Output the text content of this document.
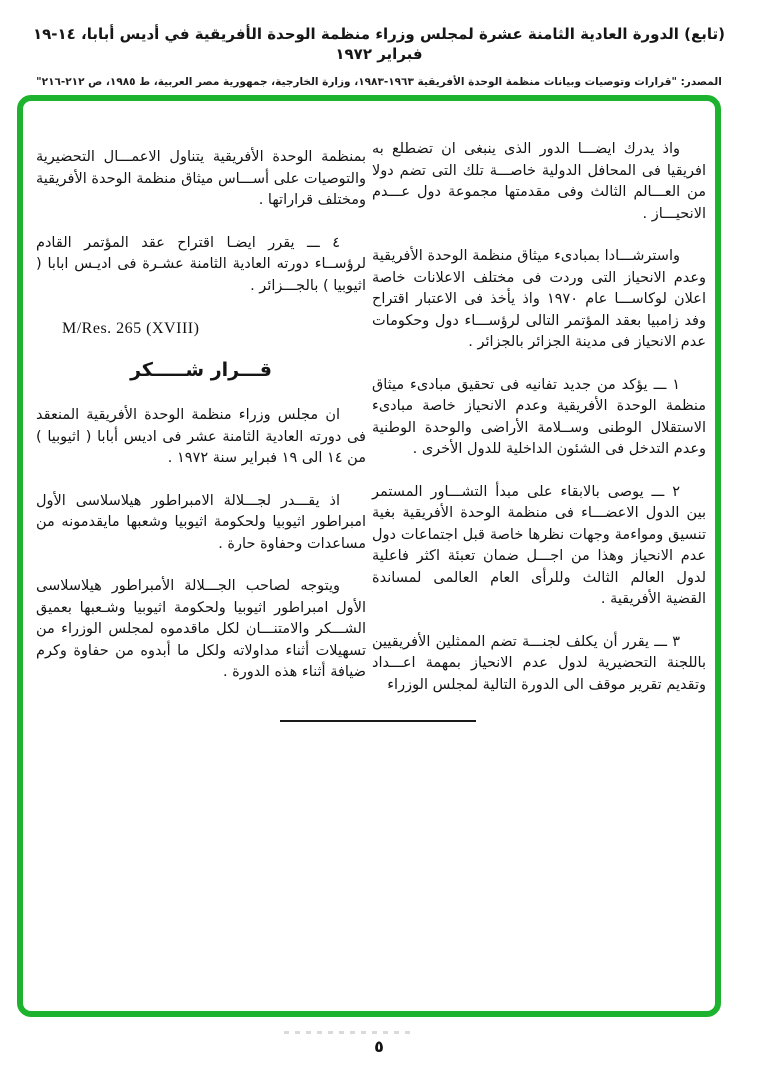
(تابع) الدورة العادية الثامنة عشرة لمجلس وزراء منظمة الوحدة الأفريقية في أديس أبابا، ١٤-١٩ فبراير ١٩٧٢
المصدر: "قرارات وتوصيات وبيانات منظمة الوحدة الأفريقية ١٩٦٣-١٩٨٣، وزارة الخارجية، جمهورية مصر العربية، ط ١٩٨٥، ص ٢١٢-٢١٦"

واذ يدرك ايضـــا الدور الذى ينبغى ان تضطلع به افريقيا فى المحافل الدولية خاصـــة تلك التى تضم دولا من العـــالم الثالث وفى مقدمتها مجموعة دول عـــدم الانحيـــاز .

واسترشـــادا بمبادىء ميثاق منظمة الوحدة الأفريقية وعدم الانحياز التى وردت فى مختلف الاعلانات خاصة اعلان لوكاســـا عام ١٩٧٠ واذ يأخذ فى الاعتبار اقتراح وفد زامبيا بعقد المؤتمر التالى لرؤســـاء دول وحكومات عدم الانحياز فى مدينة الجزائر بالجزائر .

١ ـــ يؤكد من جديد تفانيه فى تحقيق مبادىء ميثاق منظمة الوحدة الأفريقية وعدم الانحياز خاصة مبادىء الاستقلال الوطنى وســلامة الأراضى والوحدة الوطنية وعدم التدخل فى الشئون الداخلية للدول الأخرى .

٢ ـــ يوصى بالابقاء على مبدأ التشـــاور المستمر بين الدول الاعضـــاء فى منظمة الوحدة الأفريقية بغية تنسيق ومواءمة وجهات نظرها خاصة قبل اجتماعات دول عدم الانحياز وهذا من اجـــل ضمان تعبئة اكثر فاعلية لدول العالم الثالث وللرأى العام العالمى لمساندة القضية الأفريقية .

٣ ـــ يقرر أن يكلف لجنـــة تضم الممثلين الأفريقيين باللجنة التحضيرية لدول عدم الانحياز بمهمة اعـــداد وتقديم تقرير موقف الى الدورة التالية لمجلس الوزراء

بمنظمة الوحدة الأفريقية يتناول الاعمـــال التحضيرية والتوصيات على أســـاس ميثاق منظمة الوحدة الأفريقية ومختلف قراراتها .

٤ ـــ يقرر ايضـا اقتراح عقد المؤتمر القادم لرؤســاء دورته العادية الثامنة عشـرة فى اديـس ابابا ( اثيوبيا ) بالجـــزائر .

M/Res. 265 (XVIII)
قـــرار شـــــكر

ان مجلس وزراء منظمة الوحدة الأفريقية المنعقد فى دورته العادية الثامنة عشر فى اديس أبابا ( اثيوبيا ) من ١٤ الى ١٩ فبراير سنة ١٩٧٢ .

اذ يقـــدر لجـــلالة الامبراطور هيلاسلاسى الأول امبراطور اثيوبيا ولحكومة اثيوبيا وشعبها مايقدمونه من مساعدات وحفاوة حارة .

ويتوجه لصاحب الجـــلالة الأمبراطور هيلاسلاسى الأول امبراطور اثيوبيا ولحكومة اثيوبيا وشـعبها بعميق الشـــكر والامتنـــان لكل ماقدموه لمجلس الوزراء من تسهيلات أثناء مداولاته ولكل ما أبدوه من حفاوة وكرم ضيافة أثناء هذه الدورة .

٥
